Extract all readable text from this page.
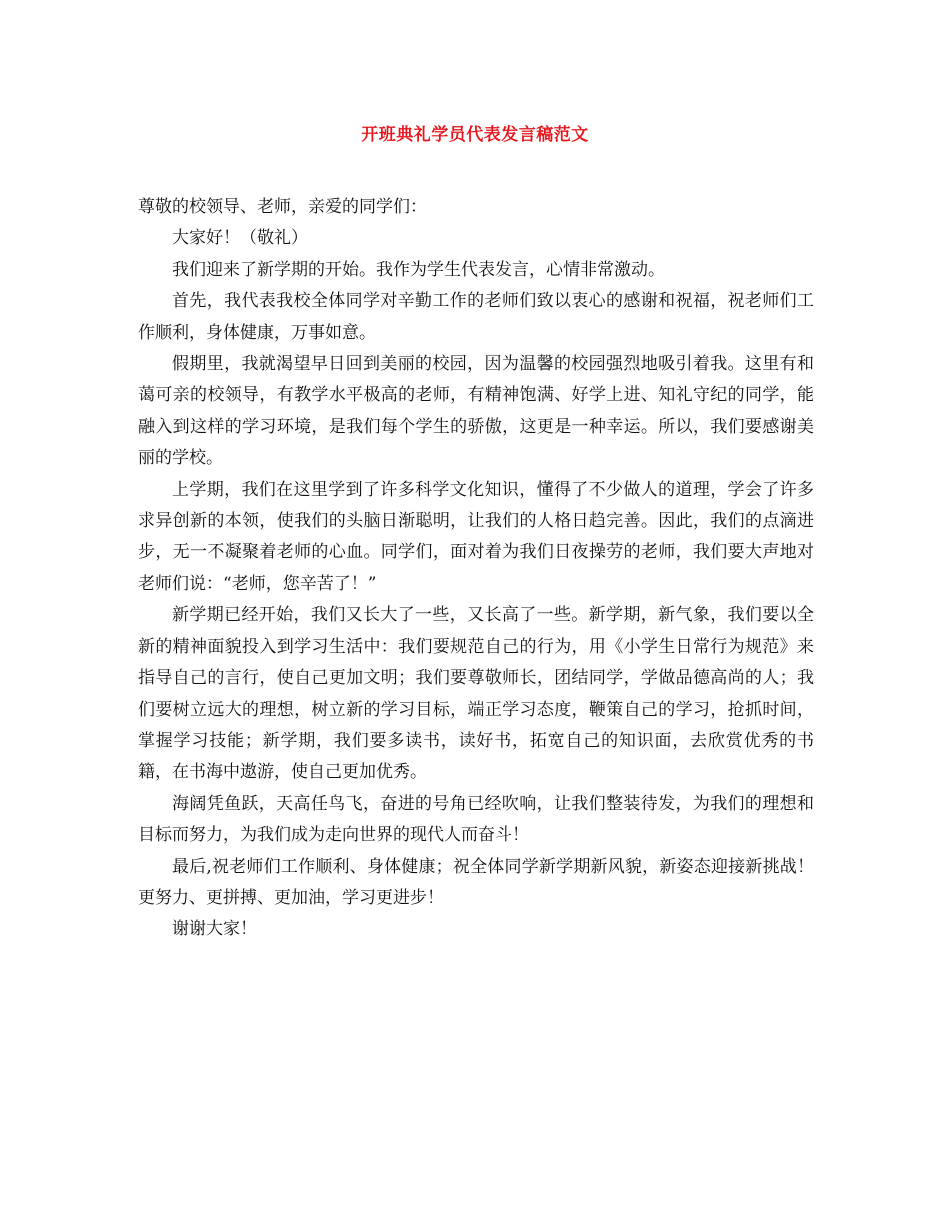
开班典礼学员代表发言稿范文

尊敬的校领导、老师，亲爱的同学们：

大家好！（敬礼）

我们迎来了新学期的开始。我作为学生代表发言，心情非常激动。

首先，我代表我校全体同学对辛勤工作的老师们致以衷心的感谢和祝福，祝老师们工作顺利，身体健康，万事如意。

假期里，我就渴望早日回到美丽的校园，因为温馨的校园强烈地吸引着我。这里有和蔼可亲的校领导，有教学水平极高的老师，有精神饱满、好学上进、知礼守纪的同学，能融入到这样的学习环境，是我们每个学生的骄傲，这更是一种幸运。所以，我们要感谢美丽的学校。

上学期，我们在这里学到了许多科学文化知识，懂得了不少做人的道理，学会了许多求异创新的本领，使我们的头脑日渐聪明，让我们的人格日趋完善。因此，我们的点滴进步，无一不凝聚着老师的心血。同学们，面对着为我们日夜操劳的老师，我们要大声地对老师们说：“老师，您辛苦了！”

新学期已经开始，我们又长大了一些，又长高了一些。新学期，新气象，我们要以全新的精神面貌投入到学习生活中：我们要规范自己的行为，用《小学生日常行为规范》来指导自己的言行，使自己更加文明；我们要尊敬师长，团结同学，学做品德高尚的人；我们要树立远大的理想，树立新的学习目标，端正学习态度，鞭策自己的学习，抢抓时间，掌握学习技能；新学期，我们要多读书，读好书，拓宽自己的知识面，去欣赏优秀的书籍，在书海中遨游，使自己更加优秀。

海阔凭鱼跃，天高任鸟飞，奋进的号角已经吹响，让我们整装待发，为我们的理想和目标而努力，为我们成为走向世界的现代人而奋斗！

最后,祝老师们工作顺利、身体健康；祝全体同学新学期新风貌，新姿态迎接新挑战！更努力、更拼搏、更加油，学习更进步！

谢谢大家！
